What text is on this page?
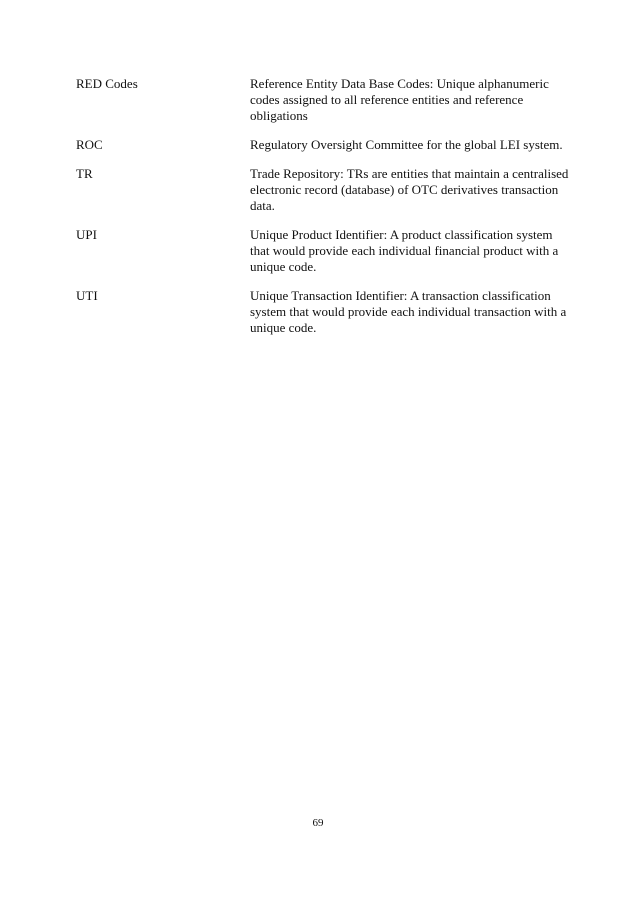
RED Codes	Reference Entity Data Base Codes: Unique alphanumeric
codes assigned to all reference entities and reference
obligations
ROC	Regulatory Oversight Committee for the global LEI system.
TR	Trade Repository: TRs are entities that maintain a centralised
electronic record (database) of OTC derivatives transaction
data.
UPI	Unique Product Identifier: A product classification system
that would provide each individual financial product with a
unique code.
UTI	Unique Transaction Identifier: A transaction classification
system that would provide each individual transaction with a
unique code.
69
